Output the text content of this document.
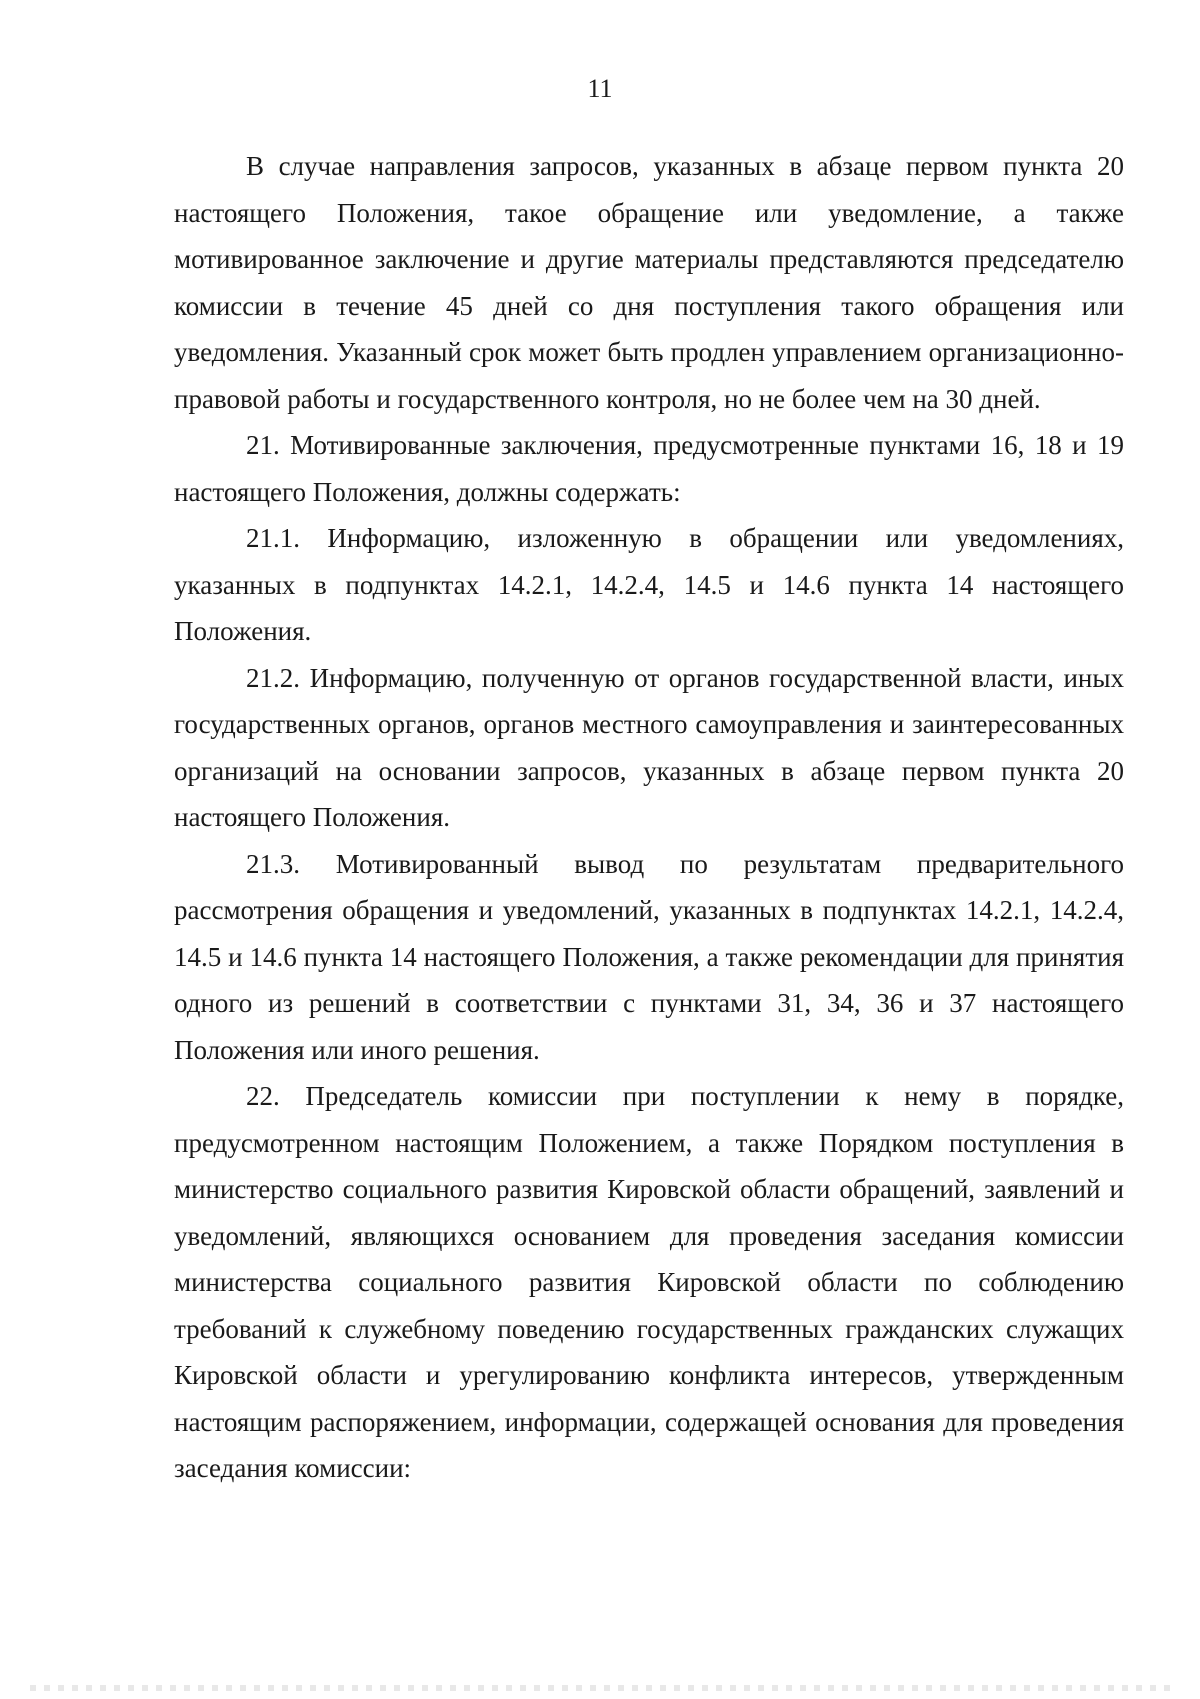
11

В случае направления запросов, указанных в абзаце первом пункта 20 настоящего Положения, такое обращение или уведомление, а также мотивированное заключение и другие материалы представляются председателю комиссии в течение 45 дней со дня поступления такого обращения или уведомления. Указанный срок может быть продлен управлением организационно-правовой работы и государственного контроля, но не более чем на 30 дней.

21. Мотивированные заключения, предусмотренные пунктами 16, 18 и 19 настоящего Положения, должны содержать:

21.1. Информацию, изложенную в обращении или уведомлениях, указанных в подпунктах 14.2.1, 14.2.4, 14.5 и 14.6 пункта 14 настоящего Положения.

21.2. Информацию, полученную от органов государственной власти, иных государственных органов, органов местного самоуправления и заинтересованных организаций на основании запросов, указанных в абзаце первом пункта 20 настоящего Положения.

21.3. Мотивированный вывод по результатам предварительного рассмотрения обращения и уведомлений, указанных в подпунктах 14.2.1, 14.2.4, 14.5 и 14.6 пункта 14 настоящего Положения, а также рекомендации для принятия одного из решений в соответствии с пунктами 31, 34, 36 и 37 настоящего Положения или иного решения.

22. Председатель комиссии при поступлении к нему в порядке, предусмотренном настоящим Положением, а также Порядком поступления в министерство социального развития Кировской области обращений, заявлений и уведомлений, являющихся основанием для проведения заседания комиссии министерства социального развития Кировской области по соблюдению требований к служебному поведению государственных гражданских служащих Кировской области и урегулированию конфликта интересов, утвержденным настоящим распоряжением, информации, содержащей основания для проведения заседания комиссии:
